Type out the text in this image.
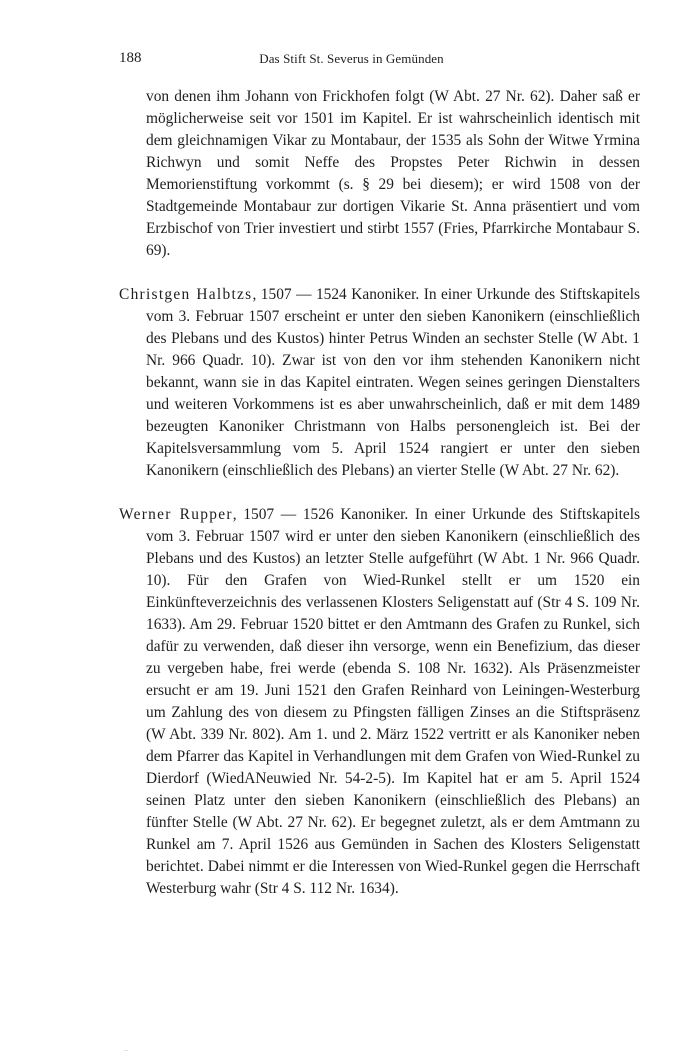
188	Das Stift St. Severus in Gemünden

von denen ihm Johann von Frickhofen folgt (W Abt. 27 Nr. 62). Daher saß er möglicherweise seit vor 1501 im Kapitel. Er ist wahrscheinlich identisch mit dem gleichnamigen Vikar zu Montabaur, der 1535 als Sohn der Witwe Yrmina Richwyn und somit Neffe des Propstes Peter Richwin in dessen Memorienstiftung vorkommt (s. § 29 bei diesem); er wird 1508 von der Stadtgemeinde Montabaur zur dortigen Vikarie St. Anna präsentiert und vom Erzbischof von Trier investiert und stirbt 1557 (Fries, Pfarrkirche Montabaur S. 69).

Christgen Halbtzs, 1507 — 1524 Kanoniker. In einer Urkunde des Stiftskapitels vom 3. Februar 1507 erscheint er unter den sieben Kanonikern (einschließlich des Plebans und des Kustos) hinter Petrus Winden an sechster Stelle (W Abt. 1 Nr. 966 Quadr. 10). Zwar ist von den vor ihm stehenden Kanonikern nicht bekannt, wann sie in das Kapitel eintraten. Wegen seines geringen Dienstalters und weiteren Vorkommens ist es aber unwahrscheinlich, daß er mit dem 1489 bezeugten Kanoniker Christmann von Halbs personengleich ist. Bei der Kapitelsversammlung vom 5. April 1524 rangiert er unter den sieben Kanonikern (einschließlich des Plebans) an vierter Stelle (W Abt. 27 Nr. 62).

Werner Rupper, 1507 — 1526 Kanoniker. In einer Urkunde des Stiftskapitels vom 3. Februar 1507 wird er unter den sieben Kanonikern (einschließlich des Plebans und des Kustos) an letzter Stelle aufgeführt (W Abt. 1 Nr. 966 Quadr. 10). Für den Grafen von Wied-Runkel stellt er um 1520 ein Einkünfteverzeichnis des verlassenen Klosters Seligenstatt auf (Str 4 S. 109 Nr. 1633). Am 29. Februar 1520 bittet er den Amtmann des Grafen zu Runkel, sich dafür zu verwenden, daß dieser ihn versorge, wenn ein Benefizium, das dieser zu vergeben habe, frei werde (ebenda S. 108 Nr. 1632). Als Präsenzmeister ersucht er am 19. Juni 1521 den Grafen Reinhard von Leiningen-Westerburg um Zahlung des von diesem zu Pfingsten fälligen Zinses an die Stiftspräsenz (W Abt. 339 Nr. 802). Am 1. und 2. März 1522 vertritt er als Kanoniker neben dem Pfarrer das Kapitel in Verhandlungen mit dem Grafen von Wied-Runkel zu Dierdorf (WiedANeuwied Nr. 54-2-5). Im Kapitel hat er am 5. April 1524 seinen Platz unter den sieben Kanonikern (einschließlich des Plebans) an fünfter Stelle (W Abt. 27 Nr. 62). Er begegnet zuletzt, als er dem Amtmann zu Runkel am 7. April 1526 aus Gemünden in Sachen des Klosters Seligenstatt berichtet. Dabei nimmt er die Interessen von Wied-Runkel gegen die Herrschaft Westerburg wahr (Str 4 S. 112 Nr. 1634).
